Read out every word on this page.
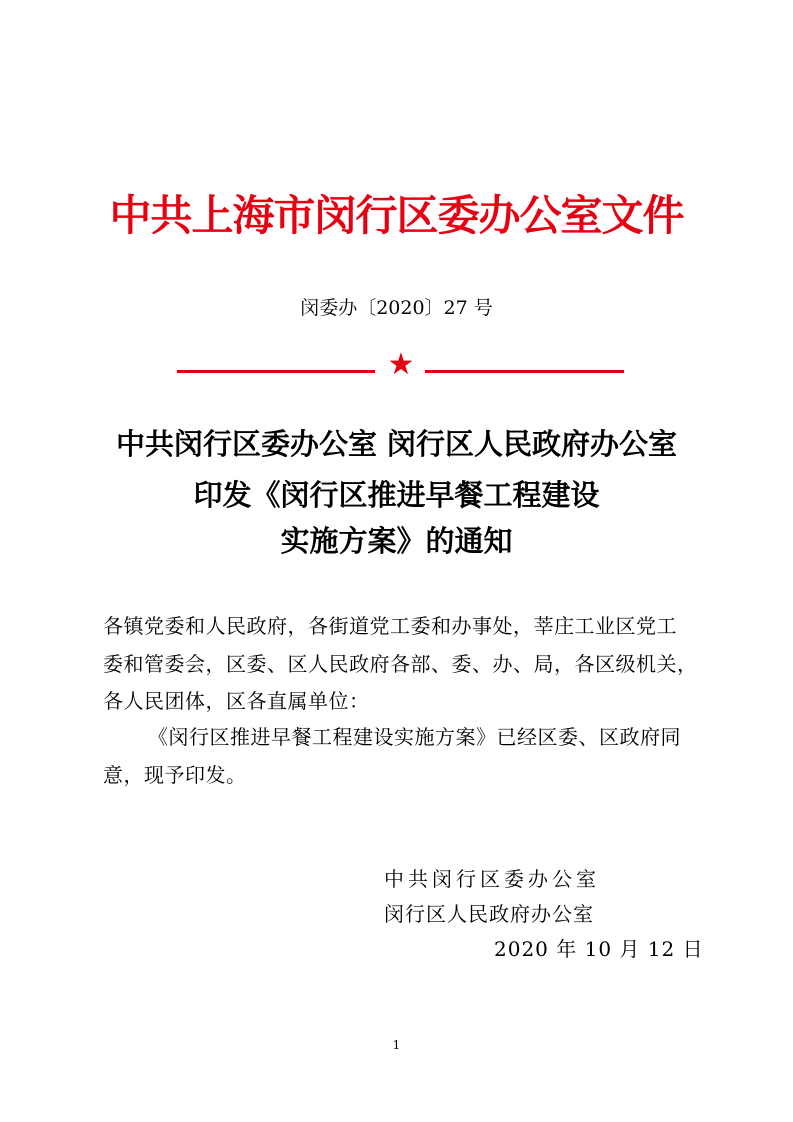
中共上海市闵行区委办公室文件
闵委办〔2020〕27 号
★
中共闵行区委办公室 闵行区人民政府办公室
印发《闵行区推进早餐工程建设
实施方案》的通知
各镇党委和人民政府，各街道党工委和办事处，莘庄工业区党工
委和管委会，区委、区人民政府各部、委、办、局，各区级机关，
各人民团体，区各直属单位：
《闵行区推进早餐工程建设实施方案》已经区委、区政府同
意，现予印发。
中共闵行区委办公室
闵行区人民政府办公室
2020 年 10 月 12 日
1
